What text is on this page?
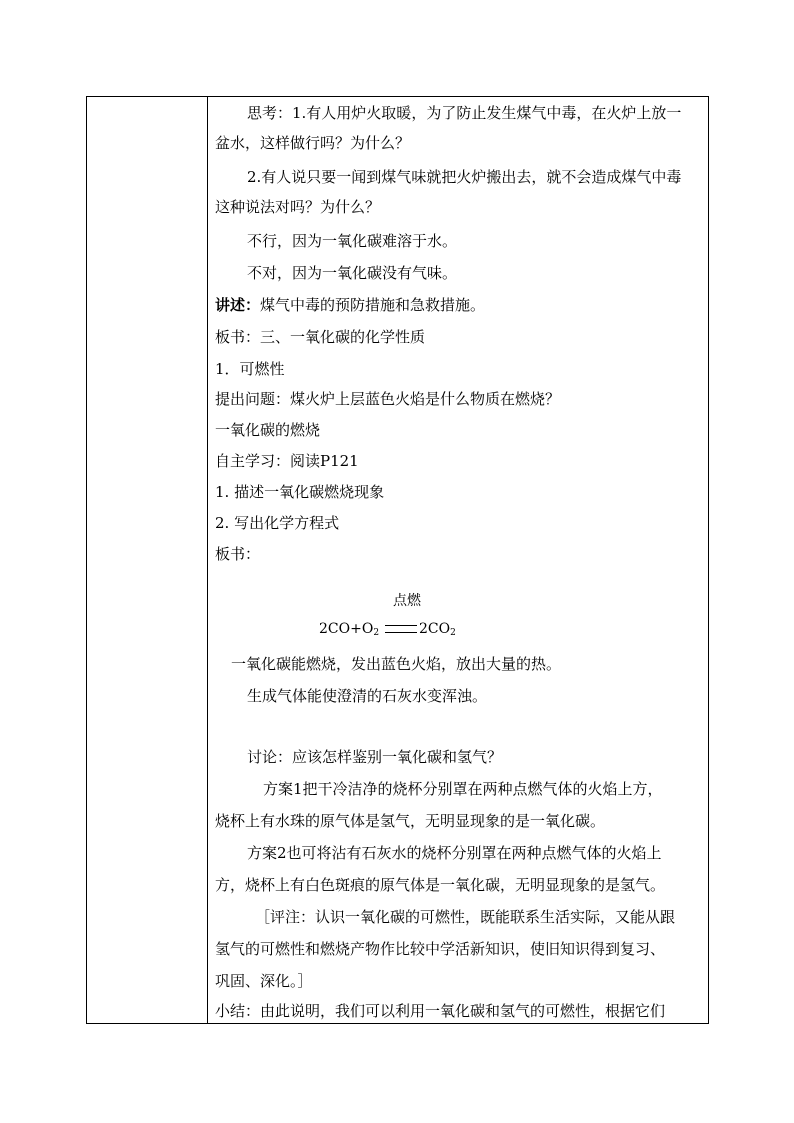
点燃
$2CO+O_2$	$2CO_2$
思考：1.有人用炉火取暖，为了防止发生煤气中毒，在火炉上放一
盆水，这样做行吗？为什么？
2.有人说只要一闻到煤气味就把火炉搬出去，就不会造成煤气中毒
这种说法对吗？为什么？
不行，因为一氧化碳难溶于水。
不对，因为一氧化碳没有气味。
讲述：煤气中毒的预防措施和急救措施。
板书：三、一氧化碳的化学性质
1．可燃性
提出问题：煤火炉上层蓝色火焰是什么物质在燃烧？
一氧化碳的燃烧
自主学习：阅读P121
1. 描述一氧化碳燃烧现象
2. 写出化学方程式
板书：
一氧化碳能燃烧，发出蓝色火焰，放出大量的热。
生成气体能使澄清的石灰水变浑浊。
讨论：应该怎样鉴别一氧化碳和氢气？
方案1把干冷洁净的烧杯分别罩在两种点燃气体的火焰上方，
烧杯上有水珠的原气体是氢气，无明显现象的是一氧化碳。
方案2也可将沾有石灰水的烧杯分别罩在两种点燃气体的火焰上
方，烧杯上有白色斑痕的原气体是一氧化碳，无明显现象的是氢气。
［评注：认识一氧化碳的可燃性，既能联系生活实际，又能从跟
氢气的可燃性和燃烧产物作比较中学活新知识，使旧知识得到复习、
巩固、深化。］
小结：由此说明，我们可以利用一氧化碳和氢气的可燃性，根据它们
